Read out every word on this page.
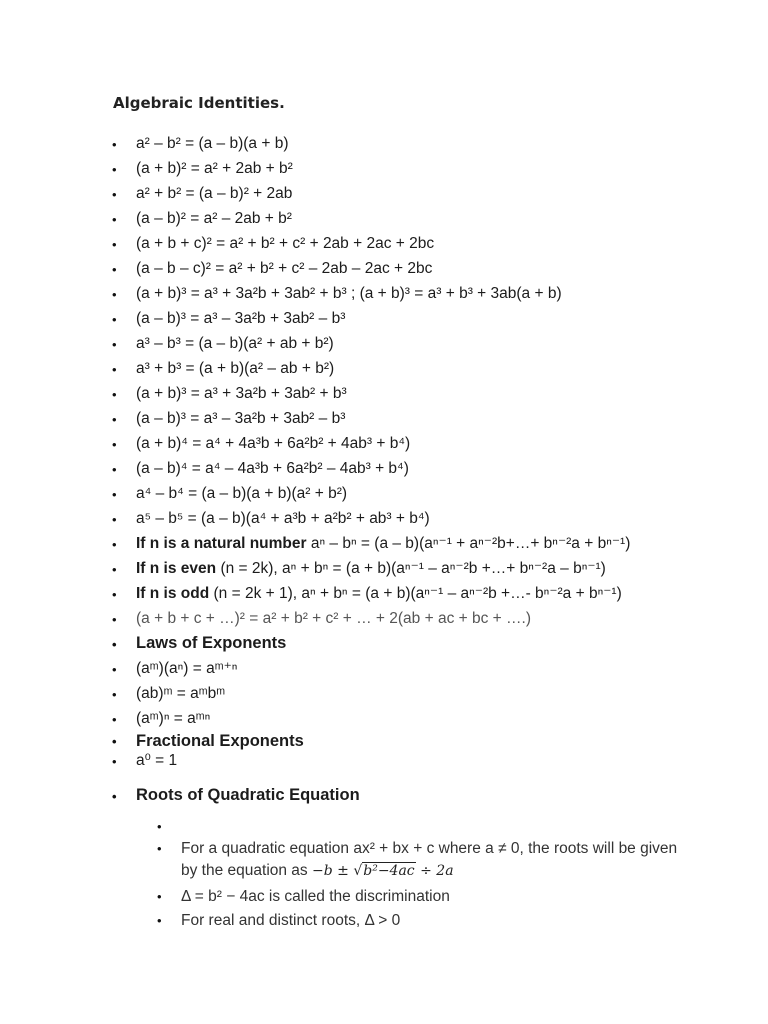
Algebraic Identities.
• a² – b² = (a – b)(a + b)
• (a + b)² = a² + 2ab + b²
• a² + b² = (a – b)² + 2ab
• (a – b)² = a² – 2ab + b²
• (a + b + c)² = a² + b² + c² + 2ab + 2ac + 2bc
• (a – b – c)² = a² + b² + c² – 2ab – 2ac + 2bc
• (a + b)³ = a³ + 3a²b + 3ab² + b³ ; (a + b)³ = a³ + b³ + 3ab(a + b)
• (a – b)³ = a³ – 3a²b + 3ab² – b³
• a³ – b³ = (a – b)(a² + ab + b²)
• a³ + b³ = (a + b)(a² – ab + b²)
• (a + b)³ = a³ + 3a²b + 3ab² + b³
• (a – b)³ = a³ – 3a²b + 3ab² – b³
• (a + b)⁴ = a⁴ + 4a³b + 6a²b² + 4ab³ + b⁴)
• (a – b)⁴ = a⁴ – 4a³b + 6a²b² – 4ab³ + b⁴)
• a⁴ – b⁴ = (a – b)(a + b)(a² + b²)
• a⁵ – b⁵ = (a – b)(a⁴ + a³b + a²b² + ab³ + b⁴)
• If n is a natural number aⁿ – bⁿ = (a – b)(aⁿ⁻¹ + aⁿ⁻²b+…+ bⁿ⁻²a + bⁿ⁻¹)
• If n is even (n = 2k), aⁿ + bⁿ = (a + b)(aⁿ⁻¹ – aⁿ⁻²b +…+ bⁿ⁻²a – bⁿ⁻¹)
• If n is odd (n = 2k + 1), aⁿ + bⁿ = (a + b)(aⁿ⁻¹ – aⁿ⁻²b +…- bⁿ⁻²a + bⁿ⁻¹)
• (a + b + c + …)² = a² + b² + c² + … + 2(ab + ac + bc + ….)
• Laws of Exponents
• (aᵐ)(aⁿ) = aᵐ⁺ⁿ
• (ab)ᵐ = aᵐbᵐ
• (aᵐ)ⁿ = aᵐⁿ
• Fractional Exponents
• a⁰ = 1
• Roots of Quadratic Equation
•
• For a quadratic equation ax² + bx + c where a ≠ 0, the roots will be given by the equation as −b ± √b²−4ac ÷ 2a
• Δ = b² − 4ac is called the discrimination
• For real and distinct roots, Δ > 0
